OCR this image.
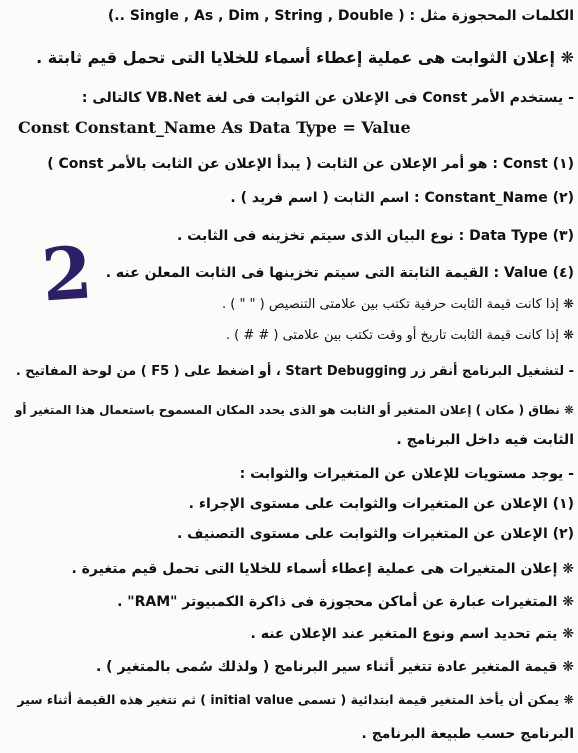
الكلمات المحجوزة مثل : ( Single , As , Dim , String , Double ..)
❋ إعلان الثوابت هى عملية إعطاء أسماء للخلايا التى تحمل قيم ثابتة .
- يستخدم الأمر Const فى الإعلان عن الثوابت فى لغة VB.Net كالتالى :
Const Constant_Name As Data Type = Value
(١) Const : هو أمر الإعلان عن الثابت ( يبدأ الإعلان عن الثابت بالأمر Const )
(٢) Constant_Name : اسم الثابت ( اسم فريد ) .
(٣) Data Type : نوع البيان الذى سيتم تخزينه فى الثابت .
(٤) Value : القيمة الثابتة التى سيتم تخزينها فى الثابت المعلن عنه .
❋ إذا كانت قيمة الثابت حرفية تكتب بين علامتى التنصيص ( " " ) .
❋ إذا كانت قيمة الثابت تاريخ أو وقت تكتب بين علامتى ( # # ) .
- لتشغيل البرنامج أنقر زر Start Debugging ، أو اضغط على ( F5 ) من لوحة المفاتيح .
❋ نطاق ( مكان ) إعلان المتغير أو الثابت هو الذى يحدد المكان المسموح باستعمال هذا المتغير أو
الثابت فيه داخل البرنامج .
- يوجد مستويات للإعلان عن المتغيرات والثوابت :
(١) الإعلان عن المتغيرات والثوابت على مستوى الإجراء .
(٢) الإعلان عن المتغيرات والثوابت على مستوى التصنيف .
❋ إعلان المتغيرات هى عملية إعطاء أسماء للخلايا التى تحمل قيم متغيرة .
❋ المتغيرات عبارة عن أماكن محجوزة فى ذاكرة الكمبيوتر "RAM" .
❋ يتم تحديد اسم ونوع المتغير عند الإعلان عنه .
❋ قيمة المتغير عادة تتغير أثناء سير البرنامج ( ولذلك سُمى بالمتغير ) .
❋ يمكن أن يأخذ المتغير قيمة ابتدائية ( تسمى initial value ) ثم تتغير هذه القيمة أثناء سير
البرنامج حسب طبيعة البرنامج .
2
